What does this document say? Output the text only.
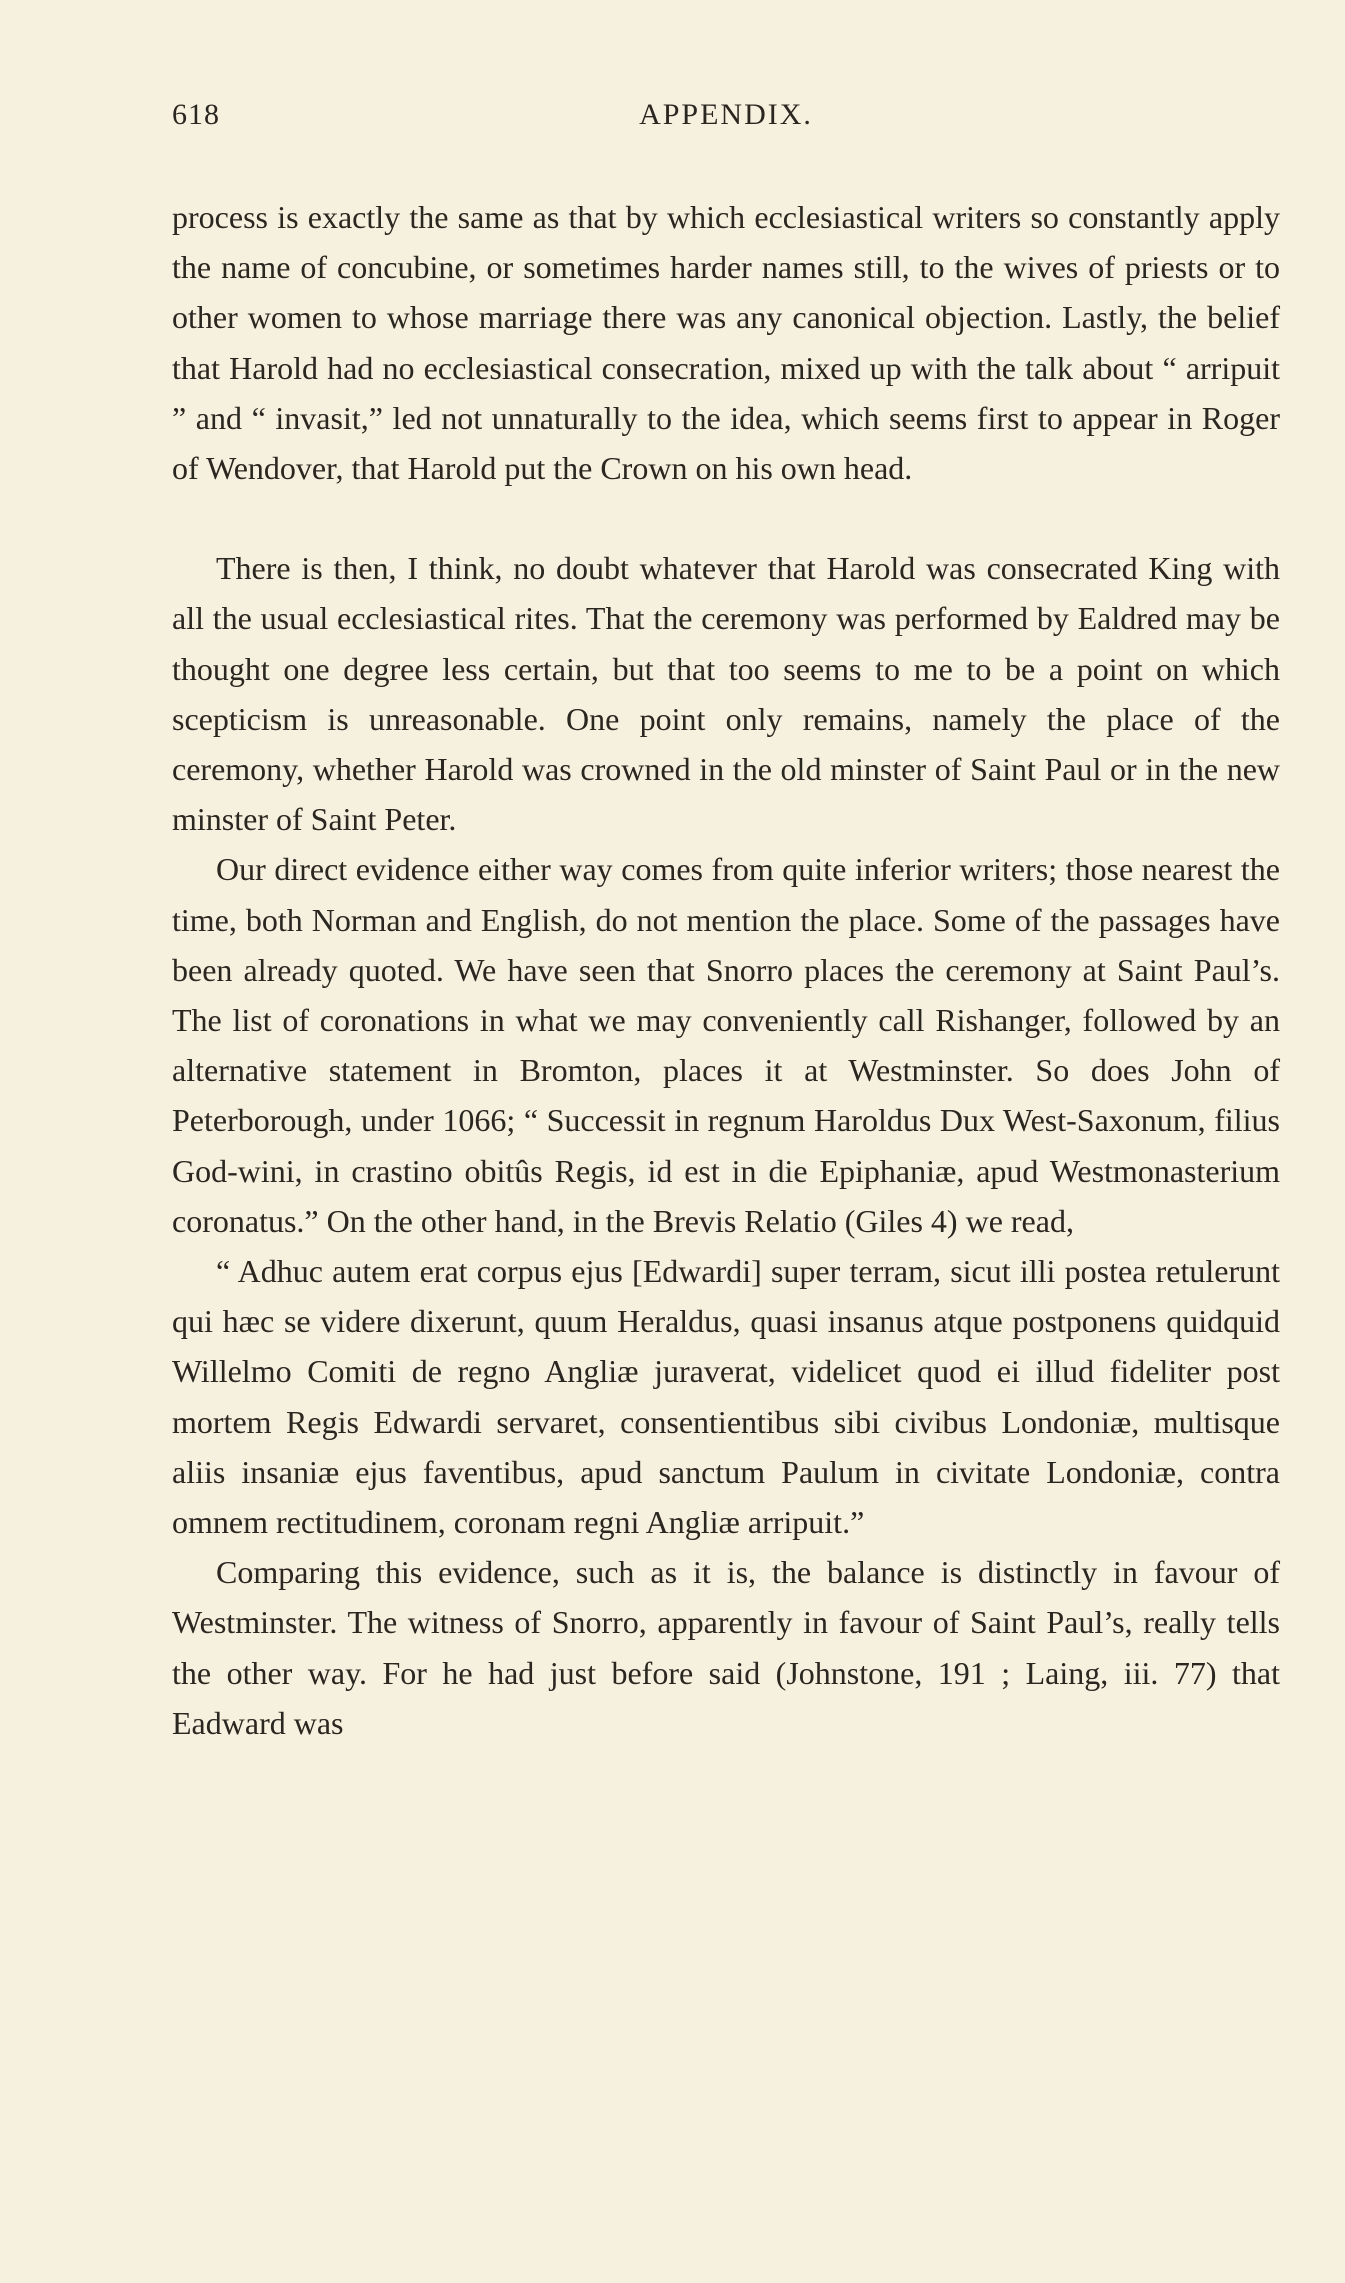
618	APPENDIX.

process is exactly the same as that by which ecclesiastical writers so constantly apply the name of concubine, or sometimes harder names still, to the wives of priests or to other women to whose marriage there was any canonical objection. Lastly, the belief that Harold had no ecclesiastical consecration, mixed up with the talk about “ arripuit ” and “ invasit,” led not unnaturally to the idea, which seems first to appear in Roger of Wendover, that Harold put the Crown on his own head.

There is then, I think, no doubt whatever that Harold was consecrated King with all the usual ecclesiastical rites. That the ceremony was performed by Ealdred may be thought one degree less certain, but that too seems to me to be a point on which scepticism is unreasonable. One point only remains, namely the place of the ceremony, whether Harold was crowned in the old minster of Saint Paul or in the new minster of Saint Peter.

Our direct evidence either way comes from quite inferior writers; those nearest the time, both Norman and English, do not mention the place. Some of the passages have been already quoted. We have seen that Snorro places the ceremony at Saint Paul’s. The list of coronations in what we may conveniently call Rishanger, followed by an alternative statement in Bromton, places it at Westminster. So does John of Peterborough, under 1066; “ Successit in regnum Haroldus Dux West-Saxonum, filius God-wini, in crastino obitûs Regis, id est in die Epiphaniæ, apud Westmonasterium coronatus.” On the other hand, in the Brevis Relatio (Giles 4) we read,

“ Adhuc autem erat corpus ejus [Edwardi] super terram, sicut illi postea retulerunt qui hæc se videre dixerunt, quum Heraldus, quasi insanus atque postponens quidquid Willelmo Comiti de regno Angliæ juraverat, videlicet quod ei illud fideliter post mortem Regis Edwardi servaret, consentientibus sibi civibus Londoniæ, multisque aliis insaniæ ejus faventibus, apud sanctum Paulum in civitate Londoniæ, contra omnem rectitudinem, coronam regni Angliæ arripuit.”

Comparing this evidence, such as it is, the balance is distinctly in favour of Westminster. The witness of Snorro, apparently in favour of Saint Paul’s, really tells the other way. For he had just before said (Johnstone, 191 ; Laing, iii. 77) that Eadward was
